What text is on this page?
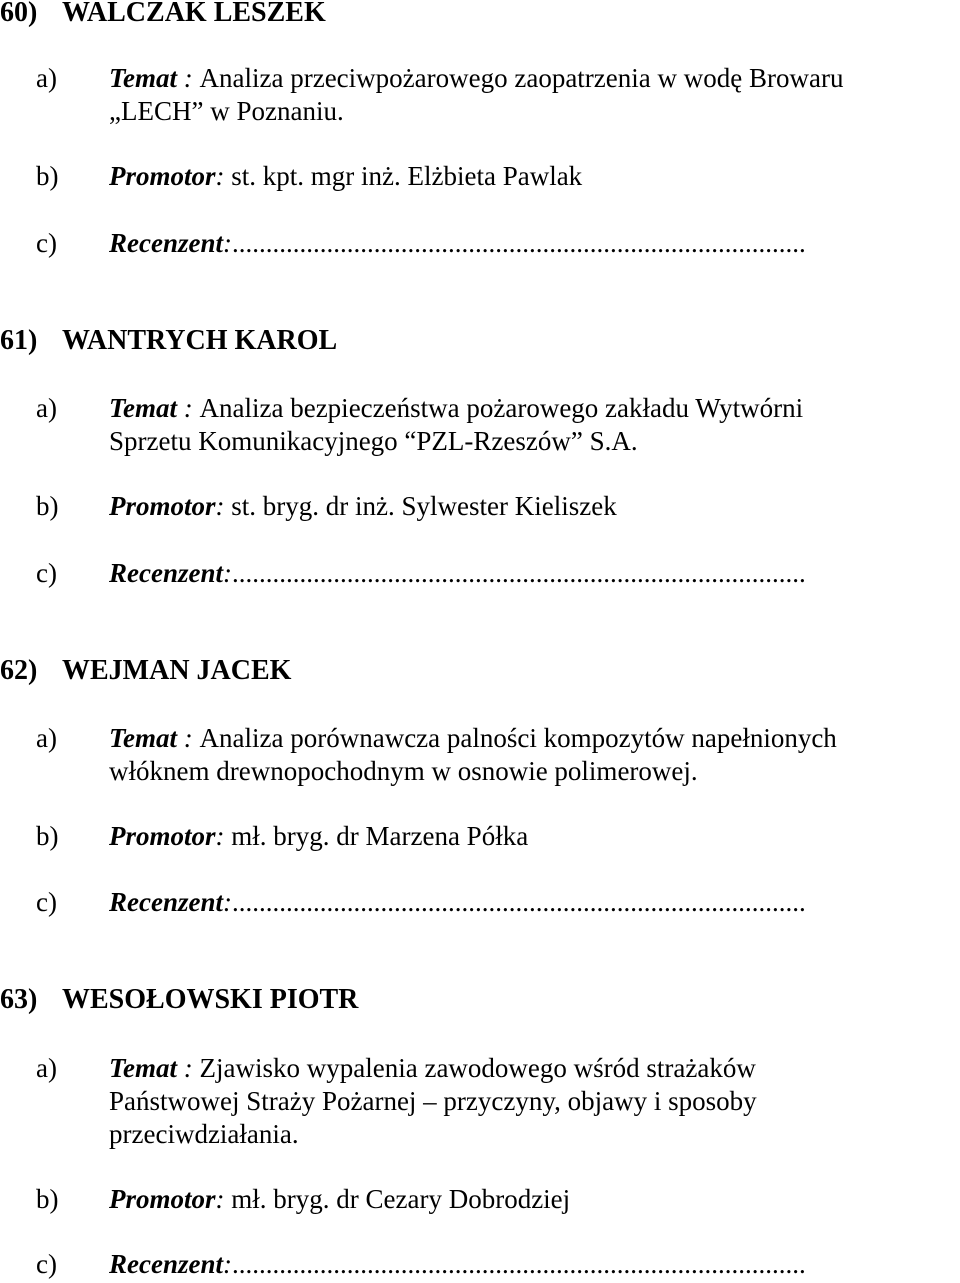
60) WALCZAK LESZEK
a) Temat : Analiza przeciwpożarowego zaopatrzenia w wodę Browaru
„LECH” w Poznaniu.
b) Promotor: st. kpt. mgr inż. Elżbieta Pawlak
c) Recenzent:.....................................................................................
61) WANTRYCH KAROL
a) Temat : Analiza bezpieczeństwa pożarowego zakładu Wytwórni
Sprzetu Komunikacyjnego “PZL-Rzeszów” S.A.
b) Promotor: st. bryg. dr inż. Sylwester Kieliszek
c) Recenzent:.....................................................................................
62) WEJMAN JACEK
a) Temat : Analiza porównawcza palności kompozytów napełnionych
włóknem drewnopochodnym w osnowie polimerowej.
b) Promotor: mł. bryg. dr Marzena Półka
c) Recenzent:.....................................................................................
63) WESOŁOWSKI PIOTR
a) Temat : Zjawisko wypalenia zawodowego wśród strażaków
Państwowej Straży Pożarnej – przyczyny, objawy i sposoby
przeciwdziałania.
b) Promotor: mł. bryg. dr Cezary Dobrodziej
c) Recenzent:.....................................................................................
